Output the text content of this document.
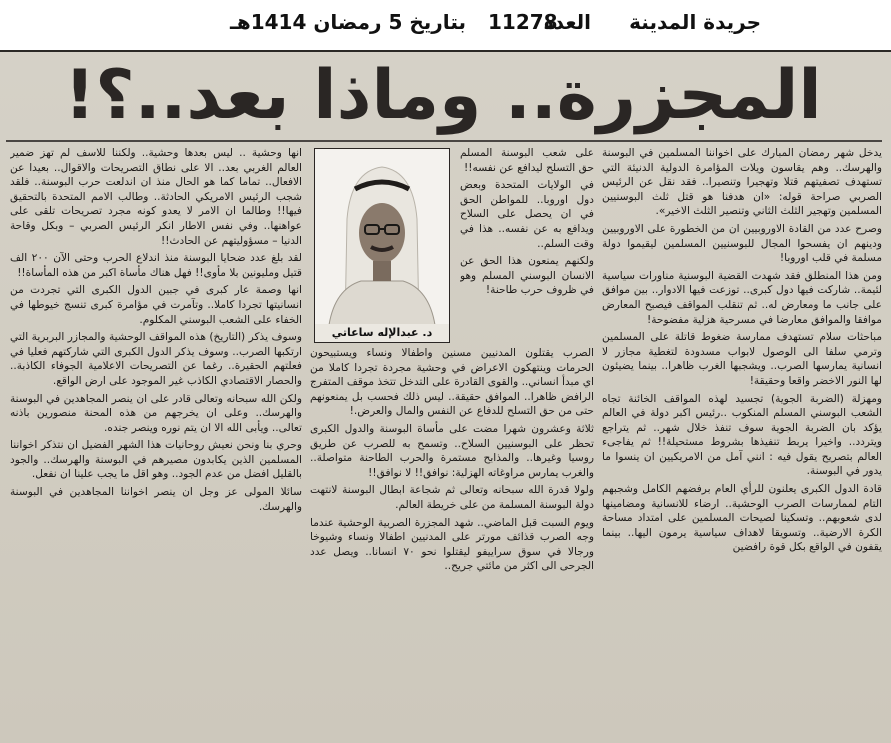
جريدة المدينة
العدد
11278
بتاريخ 5 رمضان 1414هـ
المجزرة.. وماذا بعد..؟!

يدخل شهر رمضان المبارك على اخواننا المسلمين في البوسنة والهرسك.. وهم يقاسون ويلات المؤامرة الدولية الدنيئة التي تستهدف تصفيتهم قتلا وتهجيرا وتنصيرا.. فقد نقل عن الرئيس الصربي صراحة قوله: «ان هدفنا هو قتل ثلث البوسنيين المسلمين وتهجير الثلث الثاني وتنصير الثلث الاخير».

وصرح عدد من القادة الاوروبيين ان من الخطورة على الاوروبيين ودينهم ان يفسحوا المجال للبوسنيين المسلمين ليقيموا دولة مسلمة في قلب اوروبا!

ومن هذا المنطلق فقد شهدت القضية البوسنية مناورات سياسية لئيمة.. شاركت فيها دول كبرى.. توزعت فيها الادوار.. بين موافق على جانب ما ومعارض له.. ثم تنقلب المواقف فيصبح المعارض موافقا والموافق معارضا في مسرحية هزلية مفضوحة!

مباحثات سلام تستهدف ممارسة ضغوط قاتلة على المسلمين وترمي سلفا الى الوصول لابواب مسدودة لتغطية مجازر لا انسانية يمارسها الصرب.. ويشجبها الغرب ظاهرا.. بينما يضيئون لها النور الاخضر واقعا وحقيقة!

ومهزلة (الضربة الجوية) تجسيد لهذه المواقف الخائنة تجاه الشعب البوسني المسلم المنكوب ..رئيس اكبر دولة في العالم يؤكد بان الضربة الجوية سوف تنفذ خلال شهر.. ثم يتراجع ويتردد.. واخيرا يربط تنفيذها بشروط مستحيلة!! ثم يفاجىء العالم بتصريح يقول فيه : انني آمل من الامريكيين ان ينسوا ما يدور في البوسنة.

قادة الدول الكبرى يعلنون للرأي العام برفضهم الكامل وشجبهم التام لممارسات الصرب الوحشية.. ارضاء للانسانية ومضامينها لدى شعوبهم.. وتسكينا لصيحات المسلمين على امتداد مساحة الكرة الارضية.. وتسويقا لاهداف سياسية يرمون اليها.. بينما يقفون في الواقع بكل قوة رافضين

على شعب البوسنة المسلم حق التسلح ليدافع عن نفسه!!

في الولايات المتحدة وبعض دول اوروبا.. للمواطن الحق في ان يحصل على السلاح ويدافع به عن نفسه.. هذا في وقت السلم..

ولكنهم يمنعون هذا الحق عن الانسان البوسني المسلم وهو في ظروف حرب طاحنة!

د. عبدالإله ساعاتي

الصرب يقتلون المدنيين مسنين واطفالا ونساء ويستبيحون الحرمات وينتهكون الاعراض في وحشية مجردة تجردا كاملا من اي مبدأ انساني.. والقوى القادرة على التدخل تتخذ موقف المتفرج الرافض ظاهرا.. الموافق حقيقة.. ليس ذلك فحسب بل يمنعونهم حتى من حق التسلح للدفاع عن النفس والمال والعرض.!

ثلاثة وعشرون شهرا مضت على مأساة البوسنة والدول الكبرى تحظر على البوسنيين السلاح.. وتسمح به للصرب عن طريق روسيا وغيرها.. والمذابح مستمرة والحرب الطاحنة متواصلة.. والغرب يمارس مراوغاته الهزلية: نوافق!! لا نوافق!!

ولولا قدرة الله سبحانه وتعالى ثم شجاعة ابطال البوسنة لانتهت دولة البوسنة المسلمة من على خريطة العالم.

ويوم السبت قبل الماضي.. شهد المجزرة الصربية الوحشية عندما وجه الصرب قذائف مورتر على المدنيين اطفالا ونساء وشيوخا ورجالا في سوق سراييفو ليقتلوا نحو ٧٠ انسانا.. ويصل عدد الجرحى الى اكثر من مائتي جريح..

انها وحشية .. ليس بعدها وحشية.. ولكننا للاسف لم تهز ضمير العالم الغربي بعد.. الا على نطاق التصريحات والاقوال.. بعيدا عن الافعال.. تماما كما هو الحال منذ ان اندلعت حرب البوسنة.. فلقد شجب الرئيس الامريكي الحادثة.. وطالب الامم المتحدة بالتحقيق فيها!! وطالما ان الامر لا يعدو كونه مجرد تصريحات تلقى على عواهنها.. وفي نفس الاطار انكر الرئيس الصربي – وبكل وقاحة الدنيا – مسؤوليتهم عن الحادث!!

لقد بلغ عدد ضحايا البوسنة منذ اندلاع الحرب وحتى الآن ٢٠٠ الف قتيل ومليونين بلا مأوى!! فهل هناك مأساة اكبر من هذه المأساة!!

انها وصمة عار كبرى في جبين الدول الكبرى التي تجردت من انسانيتها تجردا كاملا.. وتآمرت في مؤامرة كبرى تنسج خيوطها في الخفاء على الشعب البوسني المكلوم.

وسوف يذكر (التاريخ) هذه المواقف الوحشية والمجازر البربرية التي ارتكبها الصرب.. وسوف يذكر الدول الكبرى التي شاركتهم فعليا في فعلتهم الحقيرة.. رغما عن التصريحات الاعلامية الجوفاء الكاذبة.. والحصار الاقتصادي الكاذب غير الموجود على ارض الواقع.

ولكن الله سبحانه وتعالى قادر على ان ينصر المجاهدين في البوسنة والهرسك.. وعلى ان يخرجهم من هذه المحنة منصورين باذنه تعالى.. ويأبى الله الا ان يتم نوره وينصر جنده.

وحري بنا ونحن نعيش روحانيات هذا الشهر الفضيل ان نتذكر اخواننا المسلمين الذين يكابدون مصيرهم في البوسنة والهرسك.. والجود بالقليل افضل من عدم الجود.. وهو اقل ما يجب علينا ان نفعل.

سائلا المولى عز وجل ان ينصر اخواننا المجاهدين في البوسنة والهرسك.
